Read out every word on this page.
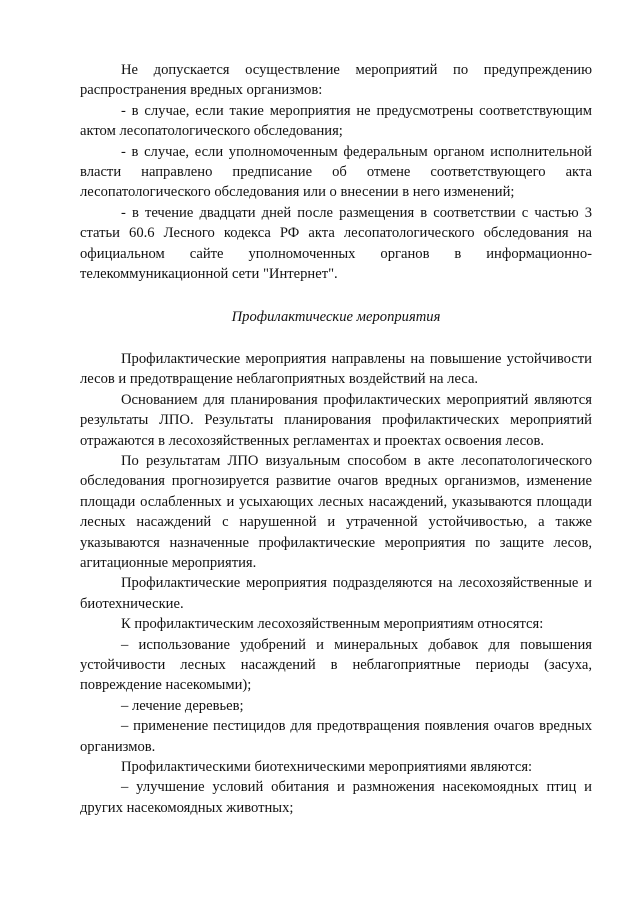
Не допускается осуществление мероприятий по предупреждению распространения вредных организмов:

- в случае, если такие мероприятия не предусмотрены соответствующим актом лесопатологического обследования;

- в случае, если уполномоченным федеральным органом исполнительной власти направлено предписание об отмене соответствующего акта лесопатологического обследования или о внесении в него изменений;

- в течение двадцати дней после размещения в соответствии с частью 3 статьи 60.6 Лесного кодекса РФ акта лесопатологического обследования на официальном сайте уполномоченных органов в информационно-телекоммуникационной сети "Интернет".

Профилактические мероприятия

Профилактические мероприятия направлены на повышение устойчивости лесов и предотвращение неблагоприятных воздействий на леса.

Основанием для планирования профилактических мероприятий являются результаты ЛПО. Результаты планирования профилактических мероприятий отражаются в лесохозяйственных регламентах и проектах освоения лесов.

По результатам ЛПО визуальным способом в акте лесопатологического обследования прогнозируется развитие очагов вредных организмов, изменение площади ослабленных и усыхающих лесных насаждений, указываются площади лесных насаждений с нарушенной и утраченной устойчивостью, а также указываются назначенные профилактические мероприятия по защите лесов, агитационные мероприятия.

Профилактические мероприятия подразделяются на лесохозяйственные и биотехнические.

К профилактическим лесохозяйственным мероприятиям относятся:

– использование удобрений и минеральных добавок для повышения устойчивости лесных насаждений в неблагоприятные периоды (засуха, повреждение насекомыми);

– лечение деревьев;

– применение пестицидов для предотвращения появления очагов вредных организмов.

Профилактическими биотехническими мероприятиями являются:

– улучшение условий обитания и размножения насекомоядных птиц и других насекомоядных животных;
